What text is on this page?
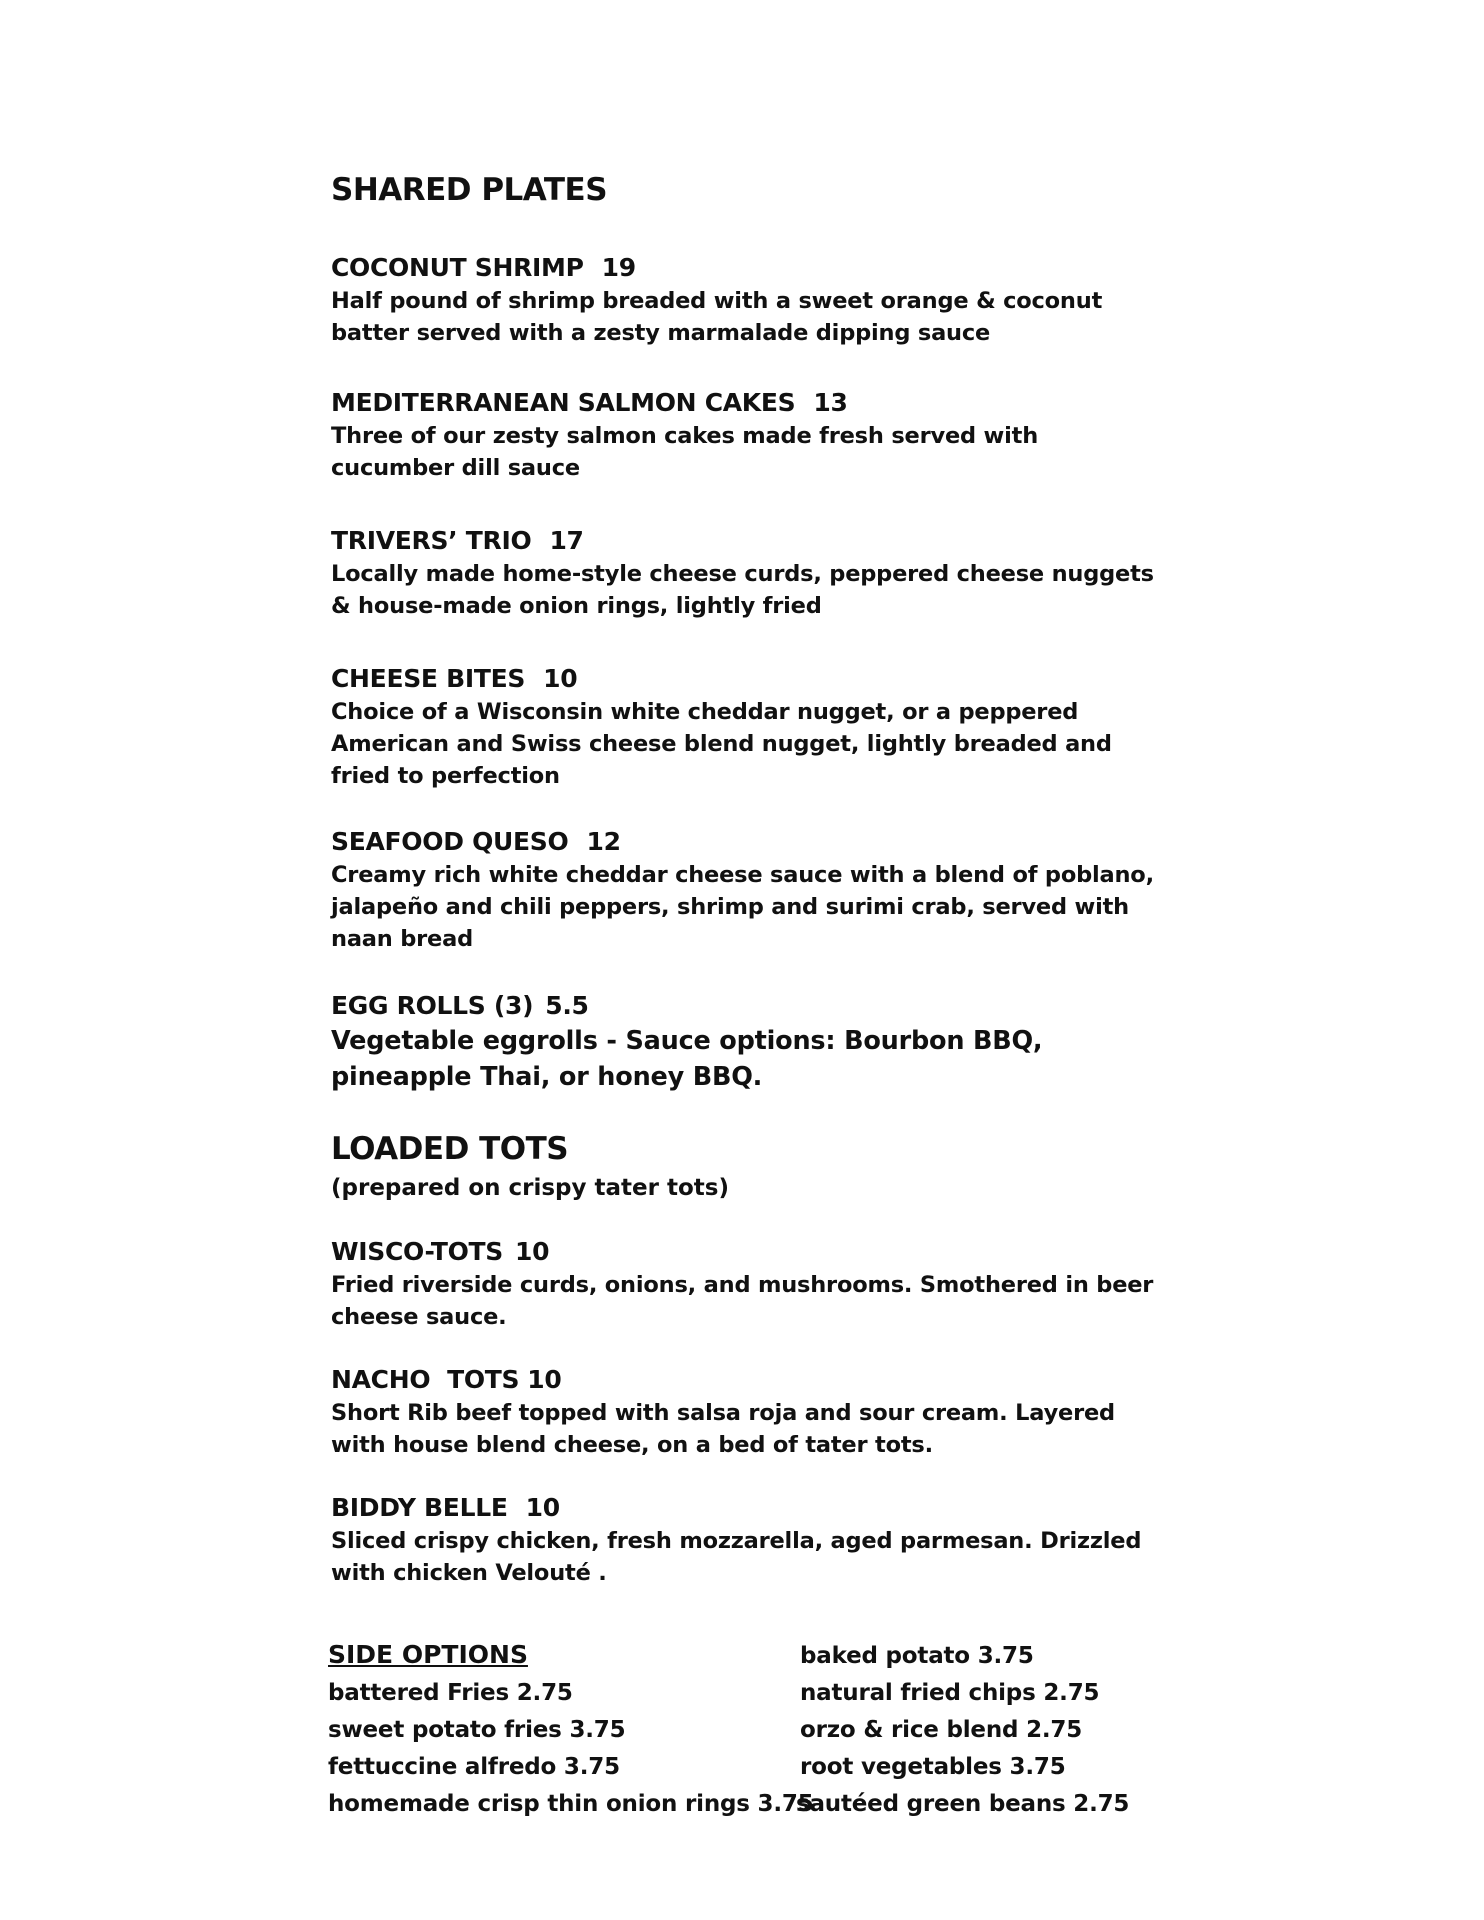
SHARED PLATES
COCONUT SHRIMP 19
Half pound of shrimp breaded with a sweet orange & coconut batter served with a zesty marmalade dipping sauce
MEDITERRANEAN SALMON CAKES 13
Three of our zesty salmon cakes made fresh served with cucumber dill sauce
TRIVERS’ TRIO 17
Locally made home-style cheese curds, peppered cheese nuggets & house-made onion rings, lightly fried
CHEESE BITES 10
Choice of a Wisconsin white cheddar nugget, or a peppered American and Swiss cheese blend nugget, lightly breaded and fried to perfection
SEAFOOD QUESO 12
Creamy rich white cheddar cheese sauce with a blend of poblano, jalapeño and chili peppers, shrimp and surimi crab, served with naan bread
EGG ROLLS (3) 5.5
Vegetable eggrolls - Sauce options: Bourbon BBQ, pineapple Thai, or honey BBQ.
LOADED TOTS
(prepared on crispy tater tots)
WISCO-TOTS 10
Fried riverside curds, onions, and mushrooms. Smothered in beer cheese sauce.
NACHO  TOTS 10
Short Rib beef topped with salsa roja and sour cream. Layered with house blend cheese, on a bed of tater tots.
BIDDY BELLE 10
Sliced crispy chicken, fresh mozzarella, aged parmesan. Drizzled with chicken Velouté .
SIDE OPTIONS
battered Fries 2.75
sweet potato fries 3.75
fettuccine alfredo 3.75
homemade crisp thin onion rings 3.75
baked potato 3.75
natural fried chips 2.75
orzo & rice blend 2.75
root vegetables 3.75
sautéed green beans 2.75
